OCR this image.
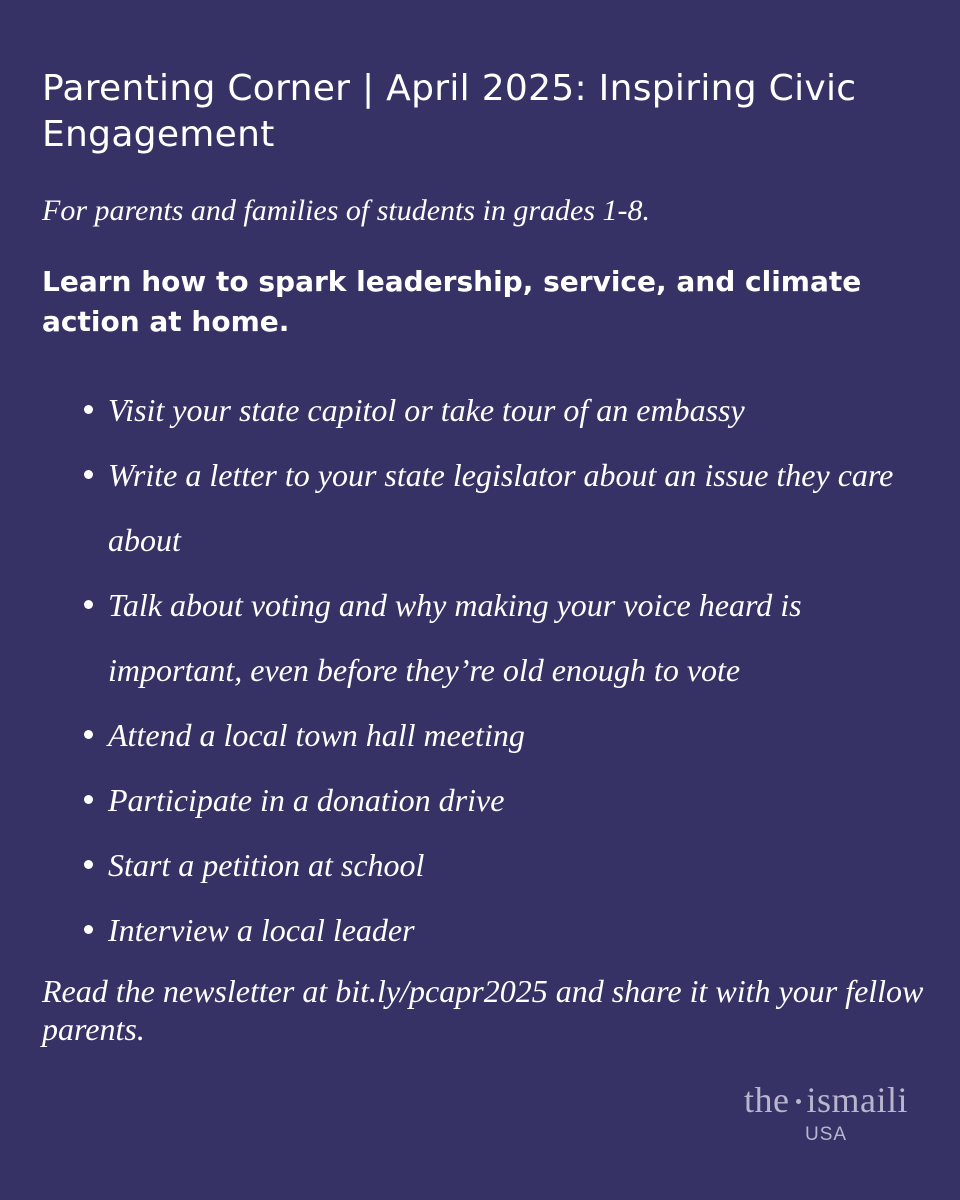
Parenting Corner | April 2025: Inspiring Civic Engagement

For parents and families of students in grades 1-8.

Learn how to spark leadership, service, and climate action at home.

Visit your state capitol or take tour of an embassy
Write a letter to your state legislator about an issue they care about
Talk about voting and why making your voice heard is important, even before they’re old enough to vote
Attend a local town hall meeting
Participate in a donation drive
Start a petition at school
Interview a local leader

Read the newsletter at bit.ly/pcapr2025 and share it with your fellow parents.

the ismaili
USA
